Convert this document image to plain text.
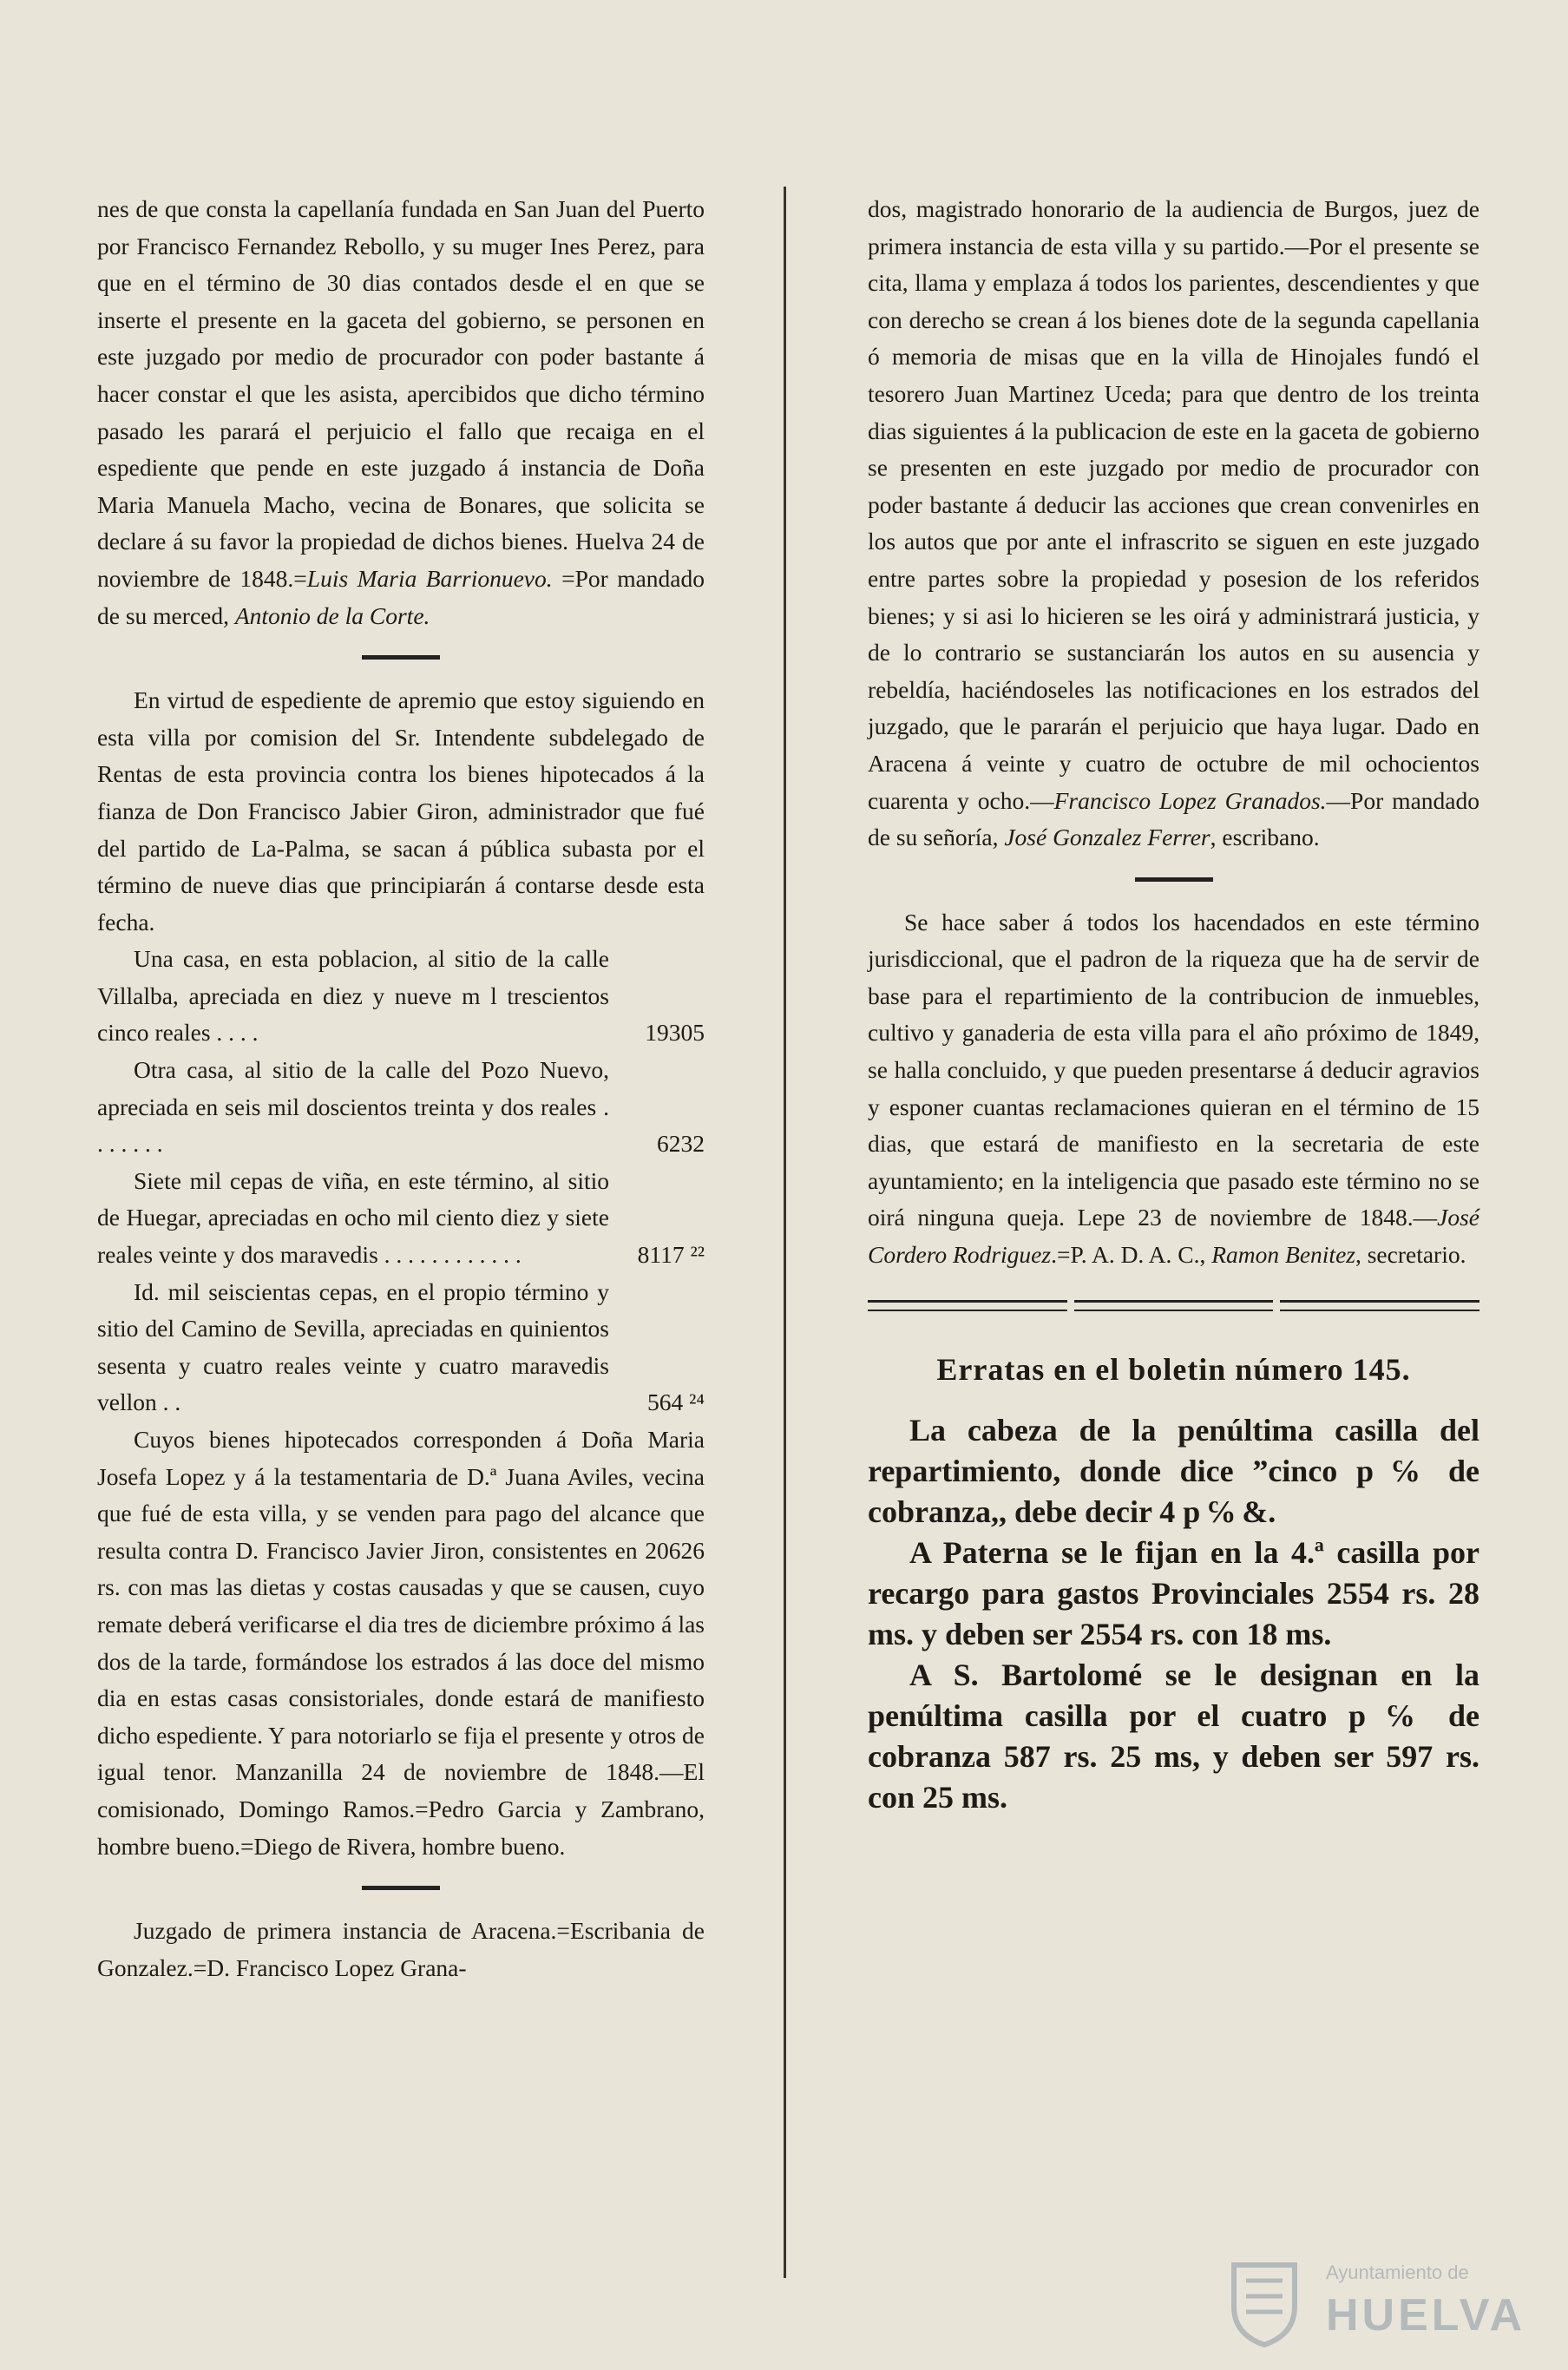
nes de que consta la capellanía fundada en San Juan del Puerto por Francisco Fernandez Rebollo, y su muger Ines Perez, para que en el término de 30 dias contados desde el en que se inserte el presente en la gaceta del gobierno, se personen en este juzgado por medio de procurador con poder bastante á hacer constar el que les asista, apercibidos que dicho término pasado les parará el perjuicio el fallo que recaiga en el espediente que pende en este juzgado á instancia de Doña Maria Manuela Macho, vecina de Bonares, que solicita se declare á su favor la propiedad de dichos bienes. Huelva 24 de noviembre de 1848.=Luis Maria Barrionuevo. =Por mandado de su merced, Antonio de la Corte.

En virtud de espediente de apremio que estoy siguiendo en esta villa por comision del Sr. Intendente subdelegado de Rentas de esta provincia contra los bienes hipotecados á la fianza de Don Francisco Jabier Giron, administrador que fué del partido de La-Palma, se sacan á pública subasta por el término de nueve dias que principiarán á contarse desde esta fecha.

Una casa, en esta poblacion, al sitio de la calle Villalba, apreciada en diez y nueve m l trescientos cinco reales . . . .	19305
Otra casa, al sitio de la calle del Pozo Nuevo, apreciada en seis mil doscientos treinta y dos reales . . . . . . .	6232
Siete mil cepas de viña, en este término, al sitio de Huegar, apreciadas en ocho mil ciento diez y siete reales veinte y dos maravedis . . . . . . . . . . . .	8117 ²²
Id. mil seiscientas cepas, en el propio término y sitio del Camino de Sevilla, apreciadas en quinientos sesenta y cuatro reales veinte y cuatro maravedis vellon . .	564 ²⁴

Cuyos bienes hipotecados corresponden á Doña Maria Josefa Lopez y á la testamentaria de D.ª Juana Aviles, vecina que fué de esta villa, y se venden para pago del alcance que resulta contra D. Francisco Javier Jiron, consistentes en 20626 rs. con mas las dietas y costas causadas y que se causen, cuyo remate deberá verificarse el dia tres de diciembre próximo á las dos de la tarde, formándose los estrados á las doce del mismo dia en estas casas consistoriales, donde estará de manifiesto dicho espediente. Y para notoriarlo se fija el presente y otros de igual tenor. Manzanilla 24 de noviembre de 1848.—El comisionado, Domingo Ramos.=Pedro Garcia y Zambrano, hombre bueno.=Diego de Rivera, hombre bueno.

Juzgado de primera instancia de Aracena.=Escribania de Gonzalez.=D. Francisco Lopez Grana-

dos, magistrado honorario de la audiencia de Burgos, juez de primera instancia de esta villa y su partido.—Por el presente se cita, llama y emplaza á todos los parientes, descendientes y que con derecho se crean á los bienes dote de la segunda capellania ó memoria de misas que en la villa de Hinojales fundó el tesorero Juan Martinez Uceda; para que dentro de los treinta dias siguientes á la publicacion de este en la gaceta de gobierno se presenten en este juzgado por medio de procurador con poder bastante á deducir las acciones que crean convenirles en los autos que por ante el infrascrito se siguen en este juzgado entre partes sobre la propiedad y posesion de los referidos bienes; y si asi lo hicieren se les oirá y administrará justicia, y de lo contrario se sustanciarán los autos en su ausencia y rebeldía, haciéndoseles las notificaciones en los estrados del juzgado, que le pararán el perjuicio que haya lugar. Dado en Aracena á veinte y cuatro de octubre de mil ochocientos cuarenta y ocho.—Francisco Lopez Granados.—Por mandado de su señoría, José Gonzalez Ferrer, escribano.

Se hace saber á todos los hacendados en este término jurisdiccional, que el padron de la riqueza que ha de servir de base para el repartimiento de la contribucion de inmuebles, cultivo y ganaderia de esta villa para el año próximo de 1849, se halla concluido, y que pueden presentarse á deducir agravios y esponer cuantas reclamaciones quieran en el término de 15 dias, que estará de manifiesto en la secretaria de este ayuntamiento; en la inteligencia que pasado este término no se oirá ninguna queja. Lepe 23 de noviembre de 1848.—José Cordero Rodriguez.=P. A. D. A. C., Ramon Benitez, secretario.

Erratas en el boletin número 145.

La cabeza de la penúltima casilla del repartimiento, donde dice ”cinco p ℅ de cobranza,, debe decir 4 p ℅ &.

A Paterna se le fijan en la 4.ª casilla por recargo para gastos Provinciales 2554 rs. 28 ms. y deben ser 2554 rs. con 18 ms.

A S. Bartolomé se le designan en la penúltima casilla por el cuatro p ℅ de cobranza 587 rs. 25 ms, y deben ser 597 rs. con 25 ms.

Ayuntamiento de
HUELVA
